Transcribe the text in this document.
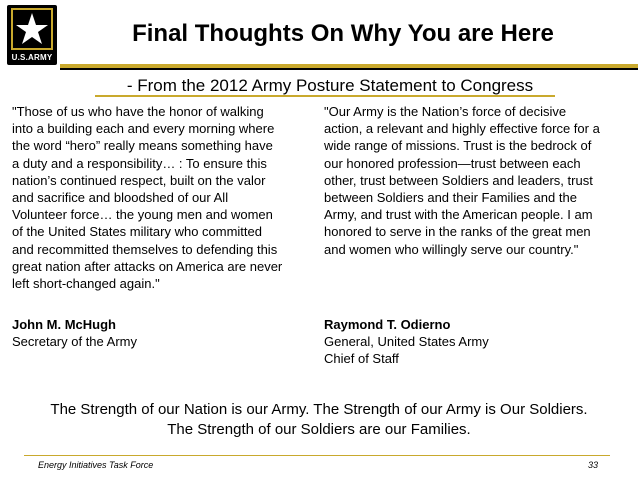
U.S.ARMY
Final Thoughts On Why You are Here
- From the 2012 Army Posture Statement to Congress
"Those of us who have the honor of walking
into a building each and every morning where
the word “hero” really means something have
a duty and a responsibility… : To ensure this
nation’s continued respect, built on the valor
and sacrifice and bloodshed of our All
Volunteer force… the young men and women
of the United States military who committed
and recommitted themselves to defending this
great nation after attacks on America are never
left short-changed again."
"Our Army is the Nation’s force of decisive
action, a relevant and highly effective force for a
wide range of missions. Trust is the bedrock of
our honored profession—trust between each
other, trust between Soldiers and leaders, trust
between Soldiers and their Families and the
Army, and trust with the American people. I am
honored to serve in the ranks of the great men
and women who willingly serve our country."
John M. McHugh
Secretary of the Army
Raymond T. Odierno
General, United States Army
Chief of Staff
The Strength of our Nation is our Army. The Strength of our Army is Our Soldiers.
The Strength of our Soldiers are our Families.
Energy Initiatives Task Force	33
